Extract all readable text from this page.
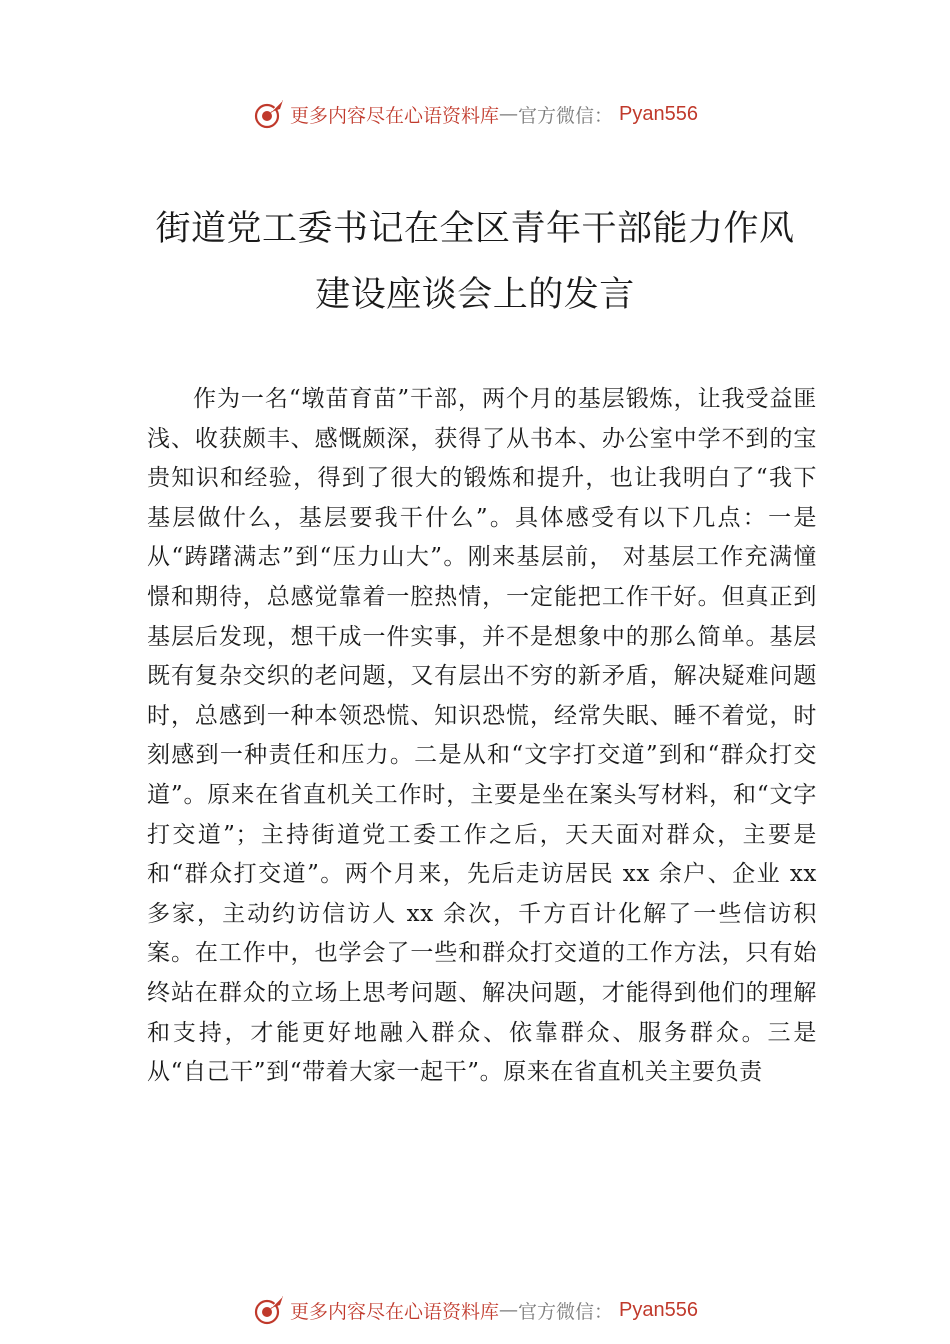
更多内容尽在心语资料库 — 官方微信： Pyan556
街道党工委书记在全区青年干部能力作风建设座谈会上的发言

作为一名“墩苗育苗”干部，两个月的基层锻炼，让我受益匪浅、收获颇丰、感慨颇深，获得了从书本、办公室中学不到的宝贵知识和经验，得到了很大的锻炼和提升，也让我明白了“我下基层做什么，基层要我干什么”。具体感受有以下几点：一是从“踌躇满志”到“压力山大”。刚来基层前， 对基层工作充满憧憬和期待，总感觉靠着一腔热情，一定能把工作干好。但真正到基层后发现，想干成一件实事，并不是想象中的那么简单。基层既有复杂交织的老问题，又有层出不穷的新矛盾，解决疑难问题时，总感到一种本领恐慌、知识恐慌，经常失眠、睡不着觉，时刻感到一种责任和压力。二是从和“文字打交道”到和“群众打交道”。原来在省直机关工作时，主要是坐在案头写材料，和“文字打交道”；主持街道党工委工作之后，天天面对群众，主要是和“群众打交道”。两个月来，先后走访居民 xx 余户、企业 xx 多家，主动约访信访人 xx 余次，千方百计化解了一些信访积案。在工作中，也学会了一些和群众打交道的工作方法，只有始终站在群众的立场上思考问题、解决问题，才能得到他们的理解和支持，才能更好地融入群众、依靠群众、服务群众。三是从“自己干”到“带着大家一起干”。原来在省直机关主要负责

更多内容尽在心语资料库 — 官方微信： Pyan556
